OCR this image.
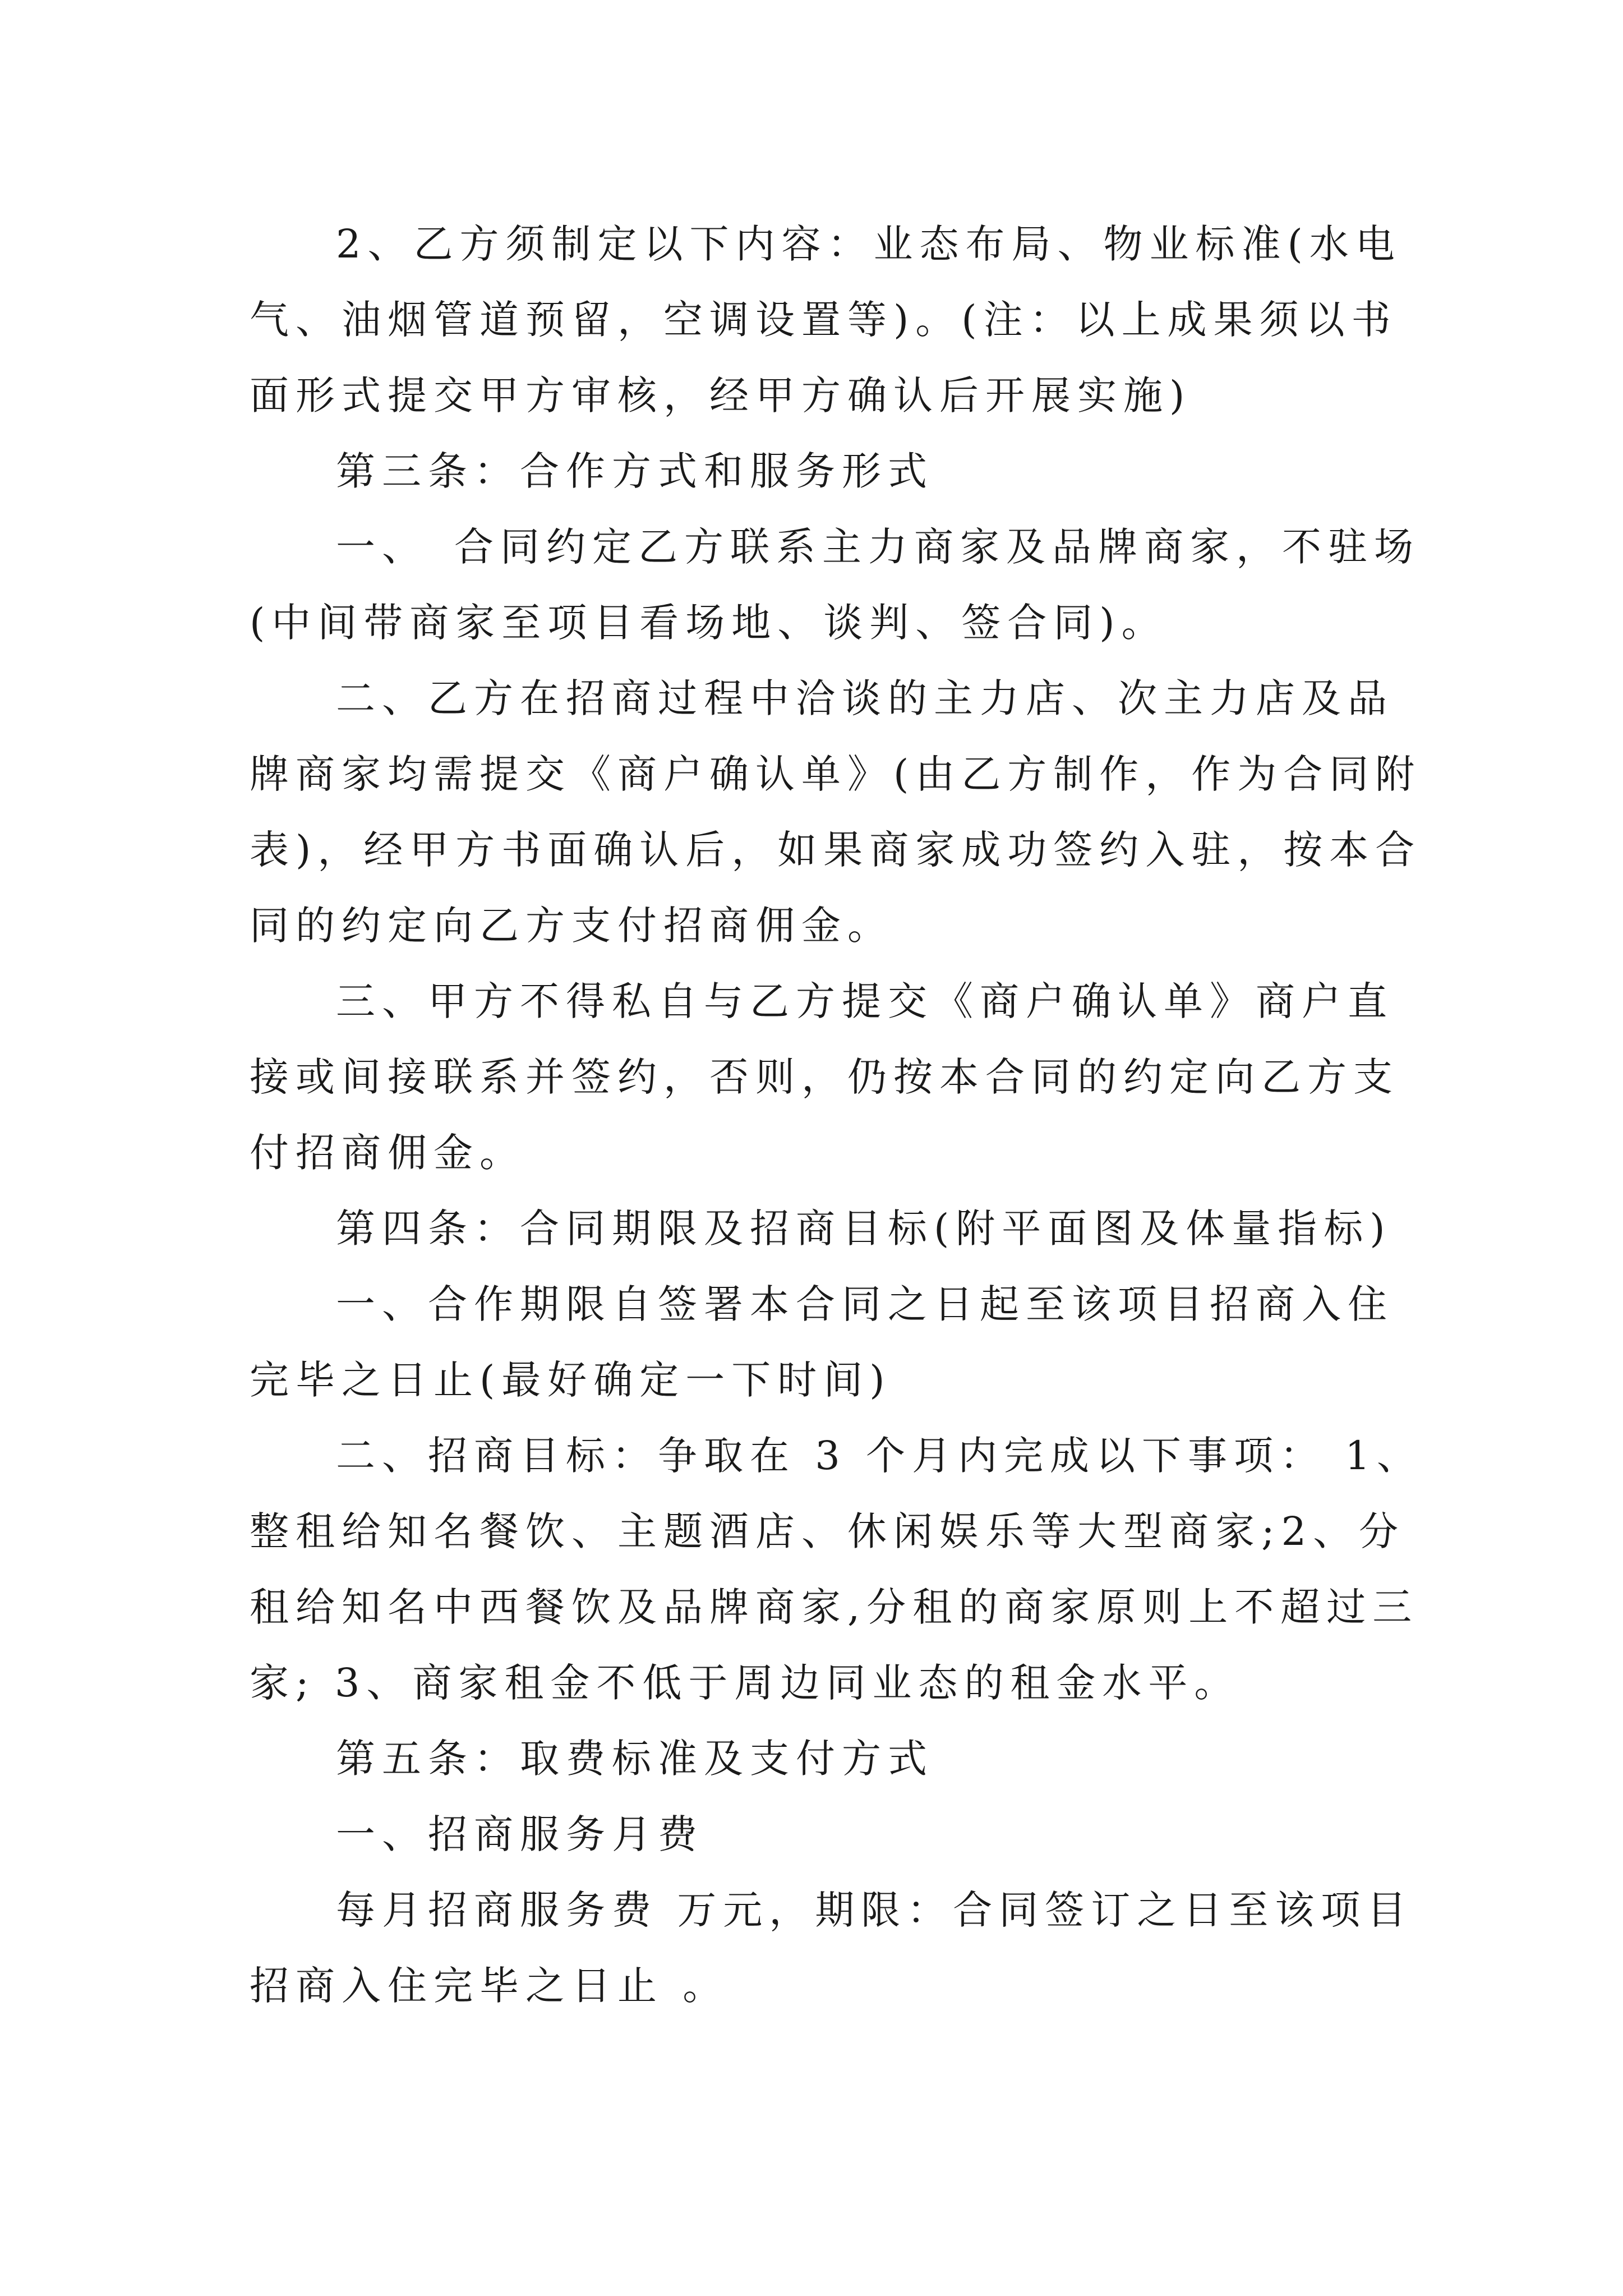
2、乙方须制定以下内容：业态布局、物业标准(水电气、油烟管道预留，空调设置等)。(注：以上成果须以书面形式提交甲方审核，经甲方确认后开展实施)

第三条：合作方式和服务形式

一、　合同约定乙方联系主力商家及品牌商家，不驻场(中间带商家至项目看场地、谈判、签合同)。

二、乙方在招商过程中洽谈的主力店、次主力店及品牌商家均需提交《商户确认单》(由乙方制作，作为合同附表)，经甲方书面确认后，如果商家成功签约入驻，按本合同的约定向乙方支付招商佣金。

三、甲方不得私自与乙方提交《商户确认单》商户直接或间接联系并签约，否则，仍按本合同的约定向乙方支付招商佣金。

第四条：合同期限及招商目标(附平面图及体量指标)

一、合作期限自签署本合同之日起至该项目招商入住完毕之日止(最好确定一下时间)

二、招商目标：争取在 3 个月内完成以下事项： 1、整租给知名餐饮、主题酒店、休闲娱乐等大型商家;2、分租给知名中西餐饮及品牌商家,分租的商家原则上不超过三家; 3、商家租金不低于周边同业态的租金水平。

第五条：取费标准及支付方式

一、招商服务月费

每月招商服务费 万元，期限：合同签订之日至该项目招商入住完毕之日止 。
